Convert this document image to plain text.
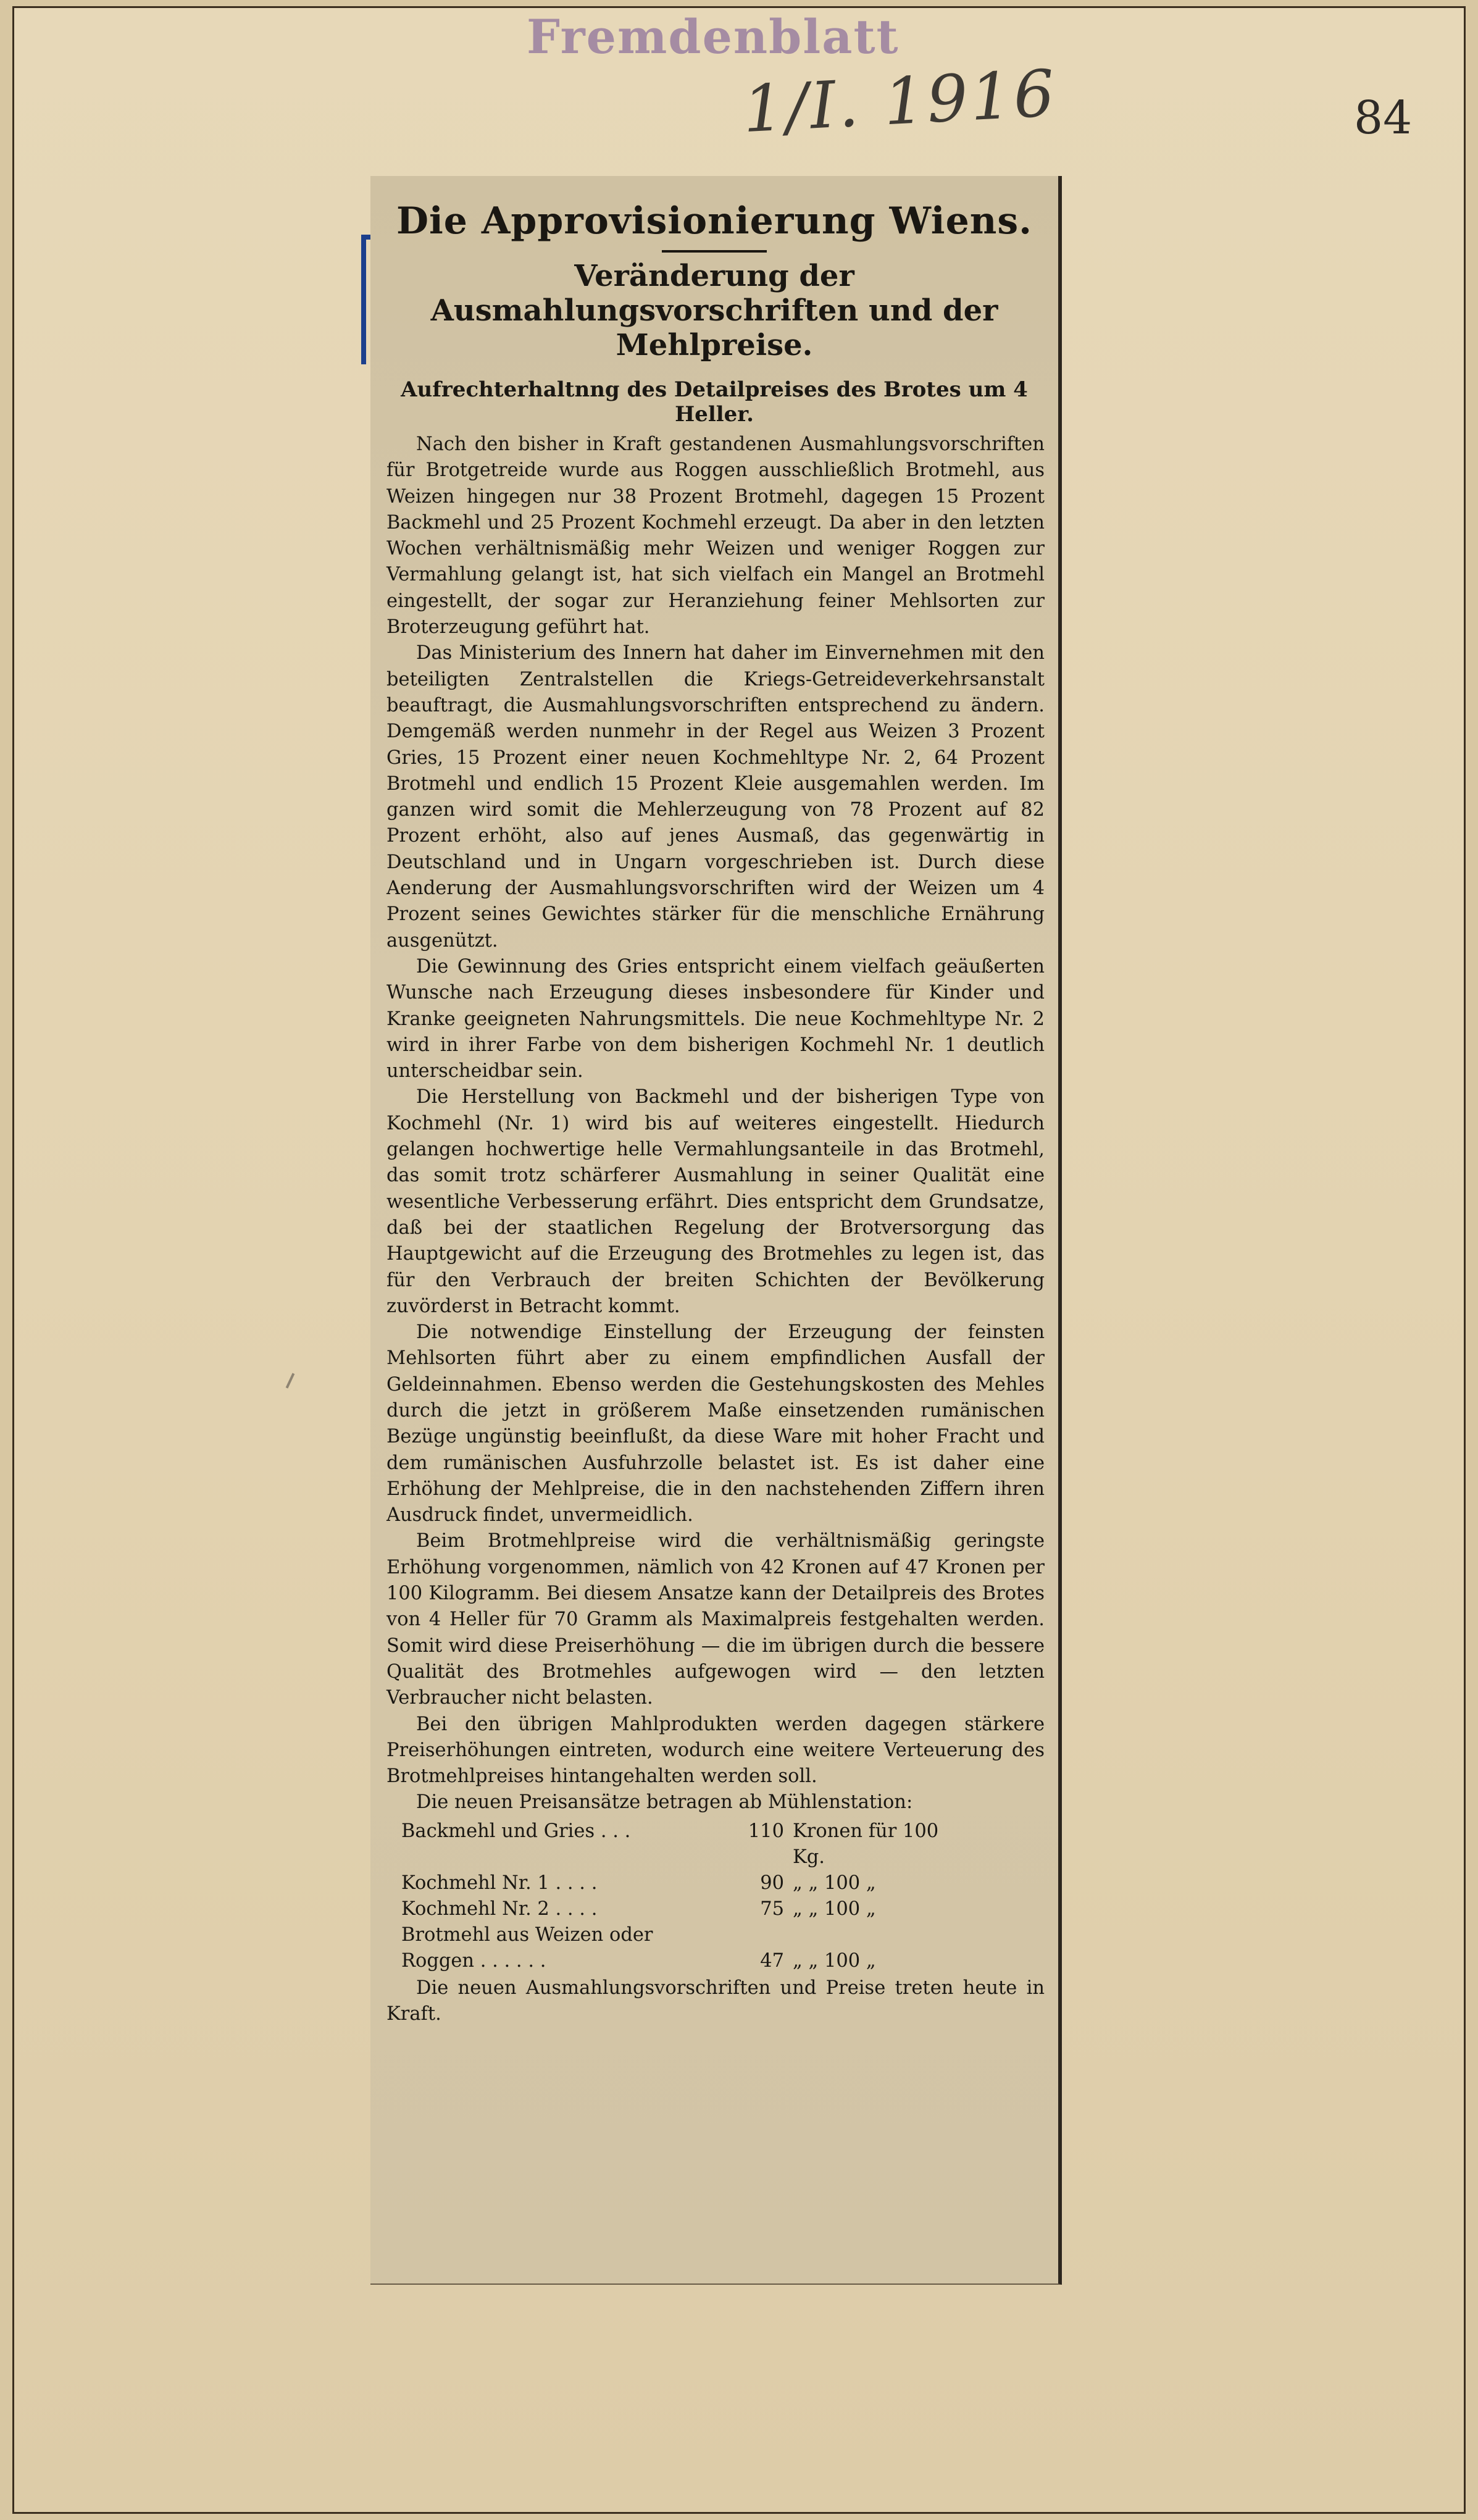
Fremdenblatt
1/I. 1916	84
Die Approvisionierung Wiens.
Veränderung der Ausmahlungsvorschriften und der Mehlpreise.
Aufrechterhaltnng des Detailpreises des Brotes um 4 Heller.

Nach den bisher in Kraft gestandenen Ausmahlungsvorschriften für Brotgetreide wurde aus Roggen ausschließlich Brotmehl, aus Weizen hingegen nur 38 Prozent Brotmehl, dagegen 15 Prozent Backmehl und 25 Prozent Kochmehl erzeugt. Da aber in den letzten Wochen verhältnismäßig mehr Weizen und weniger Roggen zur Vermahlung gelangt ist, hat sich vielfach ein Mangel an Brotmehl eingestellt, der sogar zur Heranziehung feiner Mehlsorten zur Broterzeugung geführt hat.

Das Ministerium des Innern hat daher im Einvernehmen mit den beteiligten Zentralstellen die Kriegs-Getreideverkehrsanstalt beauftragt, die Ausmahlungsvorschriften entsprechend zu ändern. Demgemäß werden nunmehr in der Regel aus Weizen 3 Prozent Gries, 15 Prozent einer neuen Kochmehltype Nr. 2, 64 Prozent Brotmehl und endlich 15 Prozent Kleie ausgemahlen werden. Im ganzen wird somit die Mehlerzeugung von 78 Prozent auf 82 Prozent erhöht, also auf jenes Ausmaß, das gegenwärtig in Deutschland und in Ungarn vorgeschrieben ist. Durch diese Aenderung der Ausmahlungsvorschriften wird der Weizen um 4 Prozent seines Gewichtes stärker für die menschliche Ernährung ausgenützt.

Die Gewinnung des Gries entspricht einem vielfach geäußerten Wunsche nach Erzeugung dieses insbesondere für Kinder und Kranke geeigneten Nahrungsmittels. Die neue Kochmehltype Nr. 2 wird in ihrer Farbe von dem bisherigen Kochmehl Nr. 1 deutlich unterscheidbar sein.

Die Herstellung von Backmehl und der bisherigen Type von Kochmehl (Nr. 1) wird bis auf weiteres eingestellt. Hiedurch gelangen hochwertige helle Vermahlungsanteile in das Brotmehl, das somit trotz schärferer Ausmahlung in seiner Qualität eine wesentliche Verbesserung erfährt. Dies entspricht dem Grundsatze, daß bei der staatlichen Regelung der Brotversorgung das Hauptgewicht auf die Erzeugung des Brotmehles zu legen ist, das für den Verbrauch der breiten Schichten der Bevölkerung zuvörderst in Betracht kommt.

Die notwendige Einstellung der Erzeugung der feinsten Mehlsorten führt aber zu einem empfindlichen Ausfall der Geldeinnahmen. Ebenso werden die Gestehungskosten des Mehles durch die jetzt in größerem Maße einsetzenden rumänischen Bezüge ungünstig beeinflußt, da diese Ware mit hoher Fracht und dem rumänischen Ausfuhrzolle belastet ist. Es ist daher eine Erhöhung der Mehlpreise, die in den nachstehenden Ziffern ihren Ausdruck findet, unvermeidlich.

Beim Brotmehlpreise wird die verhältnismäßig geringste Erhöhung vorgenommen, nämlich von 42 Kronen auf 47 Kronen per 100 Kilogramm. Bei diesem Ansatze kann der Detailpreis des Brotes von 4 Heller für 70 Gramm als Maximalpreis festgehalten werden. Somit wird diese Preiserhöhung — die im übrigen durch die bessere Qualität des Brotmehles aufgewogen wird — den letzten Verbraucher nicht belasten.

Bei den übrigen Mahlprodukten werden dagegen stärkere Preiserhöhungen eintreten, wodurch eine weitere Verteuerung des Brotmehlpreises hintangehalten werden soll.

Die neuen Preisansätze betragen ab Mühlenstation:

Backmehl und Gries . . .	110	Kronen für 100 Kg.
Kochmehl Nr. 1 . . . .	90	„ „ 100 „
Kochmehl Nr. 2 . . . .	75	„ „ 100 „
Brotmehl aus Weizen oder		
Roggen . . . . . .	47	„ „ 100 „
Die neuen Ausmahlungsvorschriften und Preise treten heute in Kraft.
